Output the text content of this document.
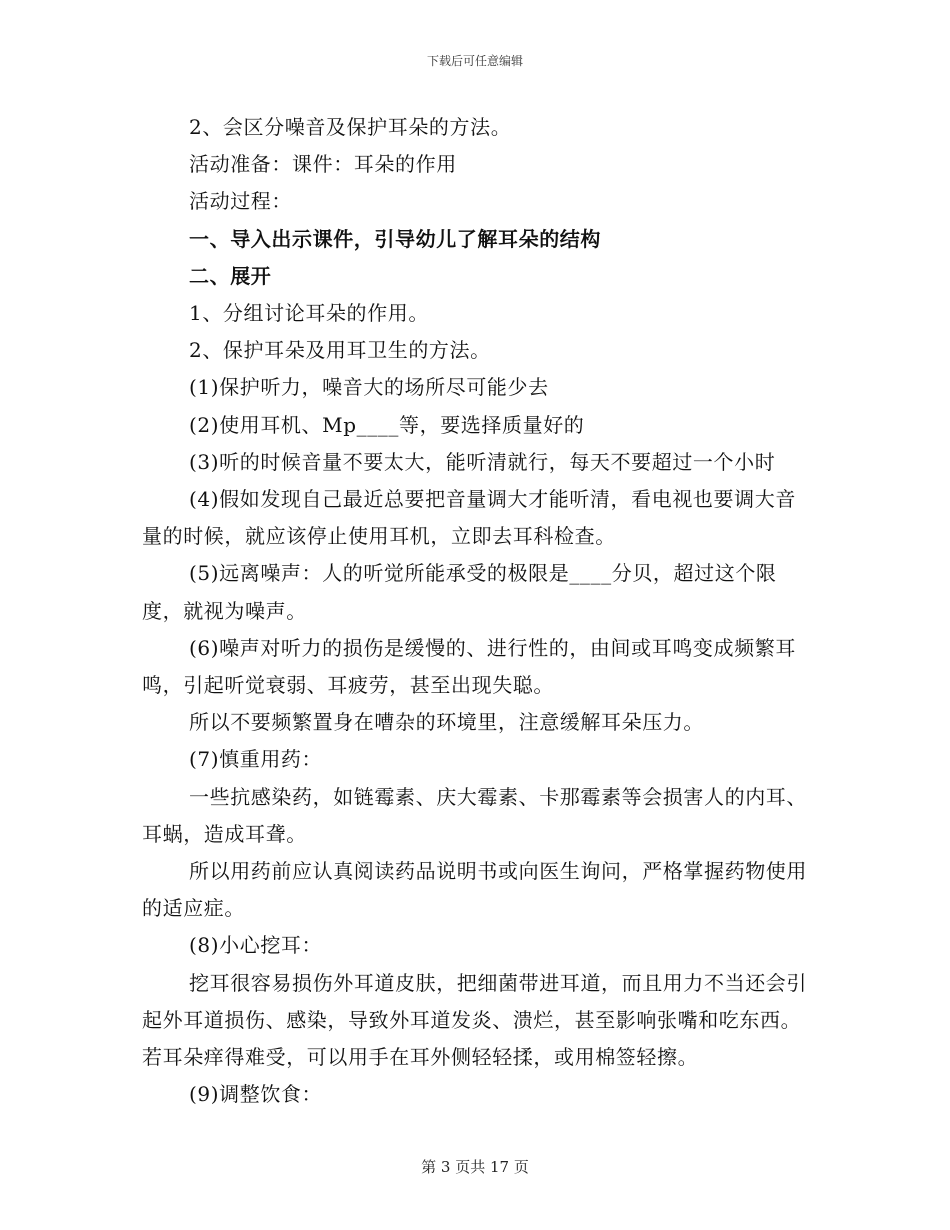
下载后可任意编辑

2、会区分噪音及保护耳朵的方法。

活动准备：课件：耳朵的作用

活动过程：

一、导入出示课件，引导幼儿了解耳朵的结构

二、展开

1、分组讨论耳朵的作用。

2、保护耳朵及用耳卫生的方法。

(1)保护听力，噪音大的场所尽可能少去

(2)使用耳机、Mp____等，要选择质量好的

(3)听的时候音量不要太大，能听清就行，每天不要超过一个小时

(4)假如发现自己最近总要把音量调大才能听清，看电视也要调大音量的时候，就应该停止使用耳机，立即去耳科检查。

(5)远离噪声：人的听觉所能承受的极限是____分贝，超过这个限度，就视为噪声。

(6)噪声对听力的损伤是缓慢的、进行性的，由间或耳鸣变成频繁耳鸣，引起听觉衰弱、耳疲劳，甚至出现失聪。

所以不要频繁置身在嘈杂的环境里，注意缓解耳朵压力。

(7)慎重用药：

一些抗感染药，如链霉素、庆大霉素、卡那霉素等会损害人的内耳、耳蜗，造成耳聋。

所以用药前应认真阅读药品说明书或向医生询问，严格掌握药物使用的适应症。

(8)小心挖耳：

挖耳很容易损伤外耳道皮肤，把细菌带进耳道，而且用力不当还会引起外耳道损伤、感染，导致外耳道发炎、溃烂，甚至影响张嘴和吃东西。若耳朵痒得难受，可以用手在耳外侧轻轻揉，或用棉签轻擦。

(9)调整饮食：

第 3 页共 17 页
